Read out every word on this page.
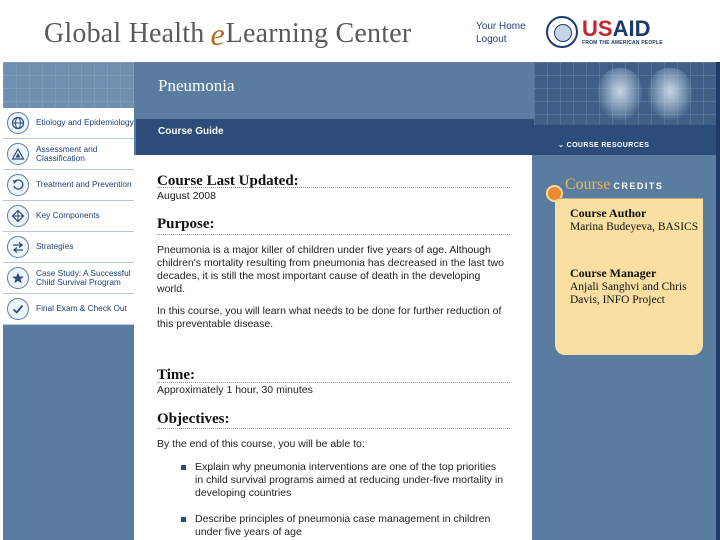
Global Health e Learning Center	Your Home
Logout	USAID
FROM THE AMERICAN PEOPLE
Pneumonia
Course Guide
⌄ COURSE RESOURCES
Etiology and Epidemiology
Assessment and Classification
Treatment and Prevention
Key Components
Strategies
Case Study: A Successful Child Survival Program
Final Exam & Check Out
Course Last Updated:
August 2008
Purpose:
Pneumonia is a major killer of children under five years of age. Although children's mortality resulting from pneumonia has decreased in the last two decades, it is still the most important cause of death in the developing world.
In this course, you will learn what needs to be done for further reduction of this preventable disease.
Time:
Approximately 1 hour, 30 minutes
Objectives:
By the end of this course, you will be able to:
Explain why pneumonia interventions are one of the top priorities in child survival programs aimed at reducing under-five mortality in developing countries
Describe principles of pneumonia case management in children under five years of age
Course CREDITS
Course Author
Marina Budeyeva, BASICS
Course Manager
Anjali Sanghvi and Chris Davis, INFO Project
